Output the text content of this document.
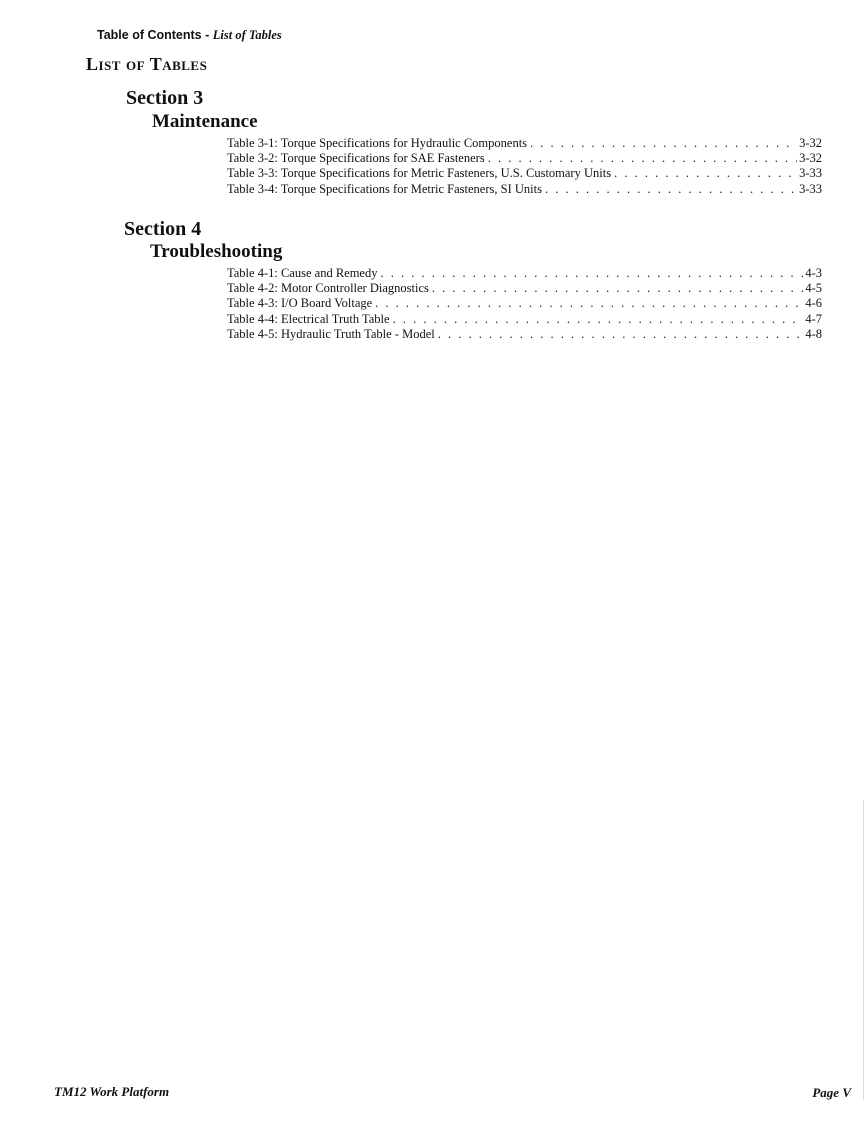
Table of Contents - List of Tables
List of Tables
Section 3
Maintenance
Table 3-1: Torque Specifications for Hydraulic Components . . .	3-32
Table 3-2: Torque Specifications for SAE Fasteners . . .	3-32
Table 3-3: Torque Specifications for Metric Fasteners, U.S. Customary Units . . .	3-33
Table 3-4: Torque Specifications for Metric Fasteners, SI Units . . .	3-33
Section 4
Troubleshooting
Table 4-1: Cause and Remedy . . .	4-3
Table 4-2: Motor Controller Diagnostics . . .	4-5
Table 4-3: I/O Board Voltage . . .	4-6
Table 4-4: Electrical Truth Table . . .	4-7
Table 4-5: Hydraulic Truth Table - Model . . .	4-8
TM12 Work Platform	Page V
